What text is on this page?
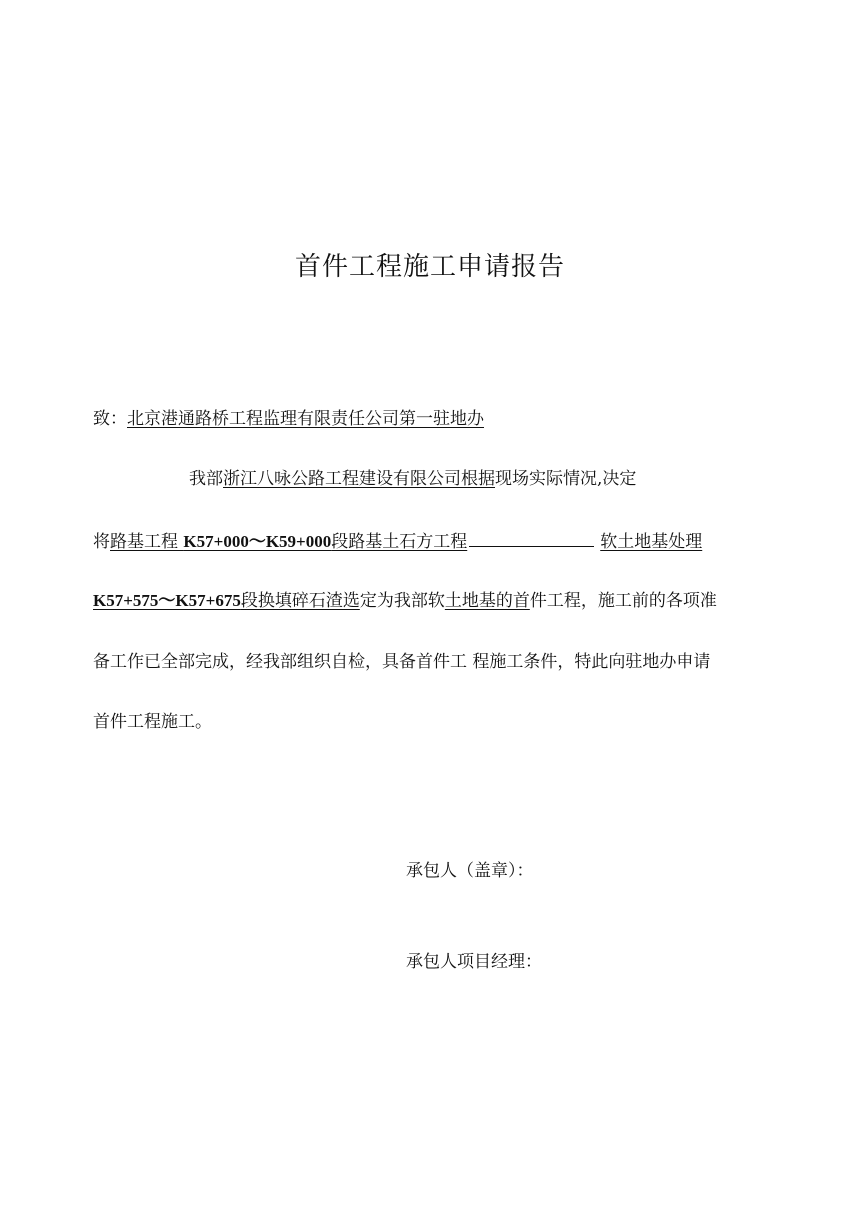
首件工程施工申请报告
致：北京港通路桥工程监理有限责任公司第一驻地办
我部浙江八咏公路工程建设有限公司根据现场实际情况,决定
将路基工程 K57+000～K59+000段路基土石方工程	软土地基处理
K57+575～K57+675段换填碎石渣选定为我部软土地基的首件工程，施工前的各项准
备工作已全部完成，经我部组织自检，具备首件工 程施工条件，特此向驻地办申请
首件工程施工。
承包人（盖章）：
承包人项目经理：
